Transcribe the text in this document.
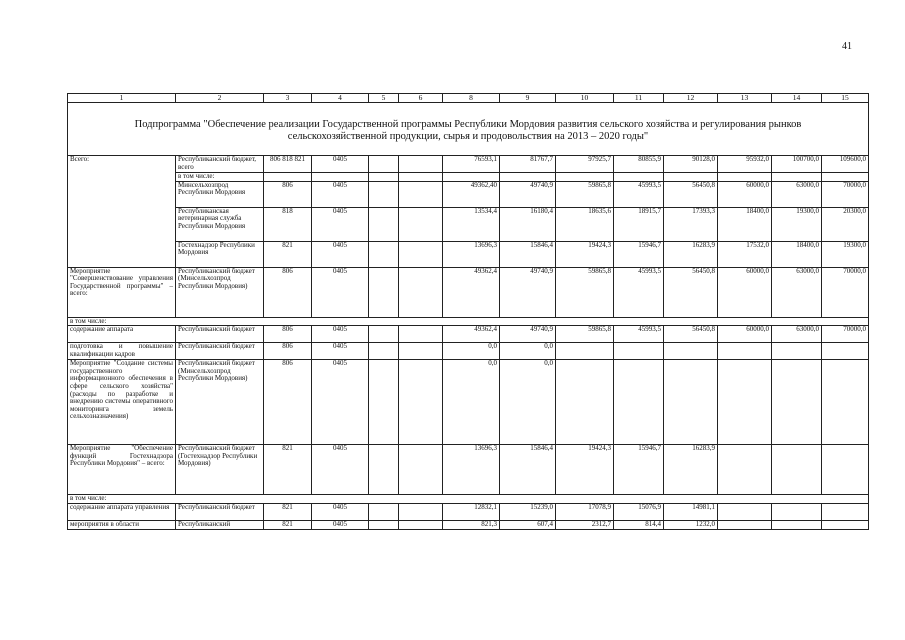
41
1	2	3	4	5	6	8	9	10	11	12	13	14	15
Подпрограмма "Обеспечение реализации Государственной программы Республики Мордовия развития сельского хозяйства и регулирования рынков сельскохозяйственной продукции, сырья и продовольствия на 2013 – 2020 годы"													
Всего:	Республиканский бюджет, всего	806 818 821	0405			76593,1	81767,7	97925,7	80855,9	90128,0	95932,0	100700,0	109600,0
	в том числе:												
	Минсельхозпрод Республики Мордовия	806	0405			49362,40	49740,9	59865,8	45993,5	56450,8	60000,0	63000,0	70000,0
	Республиканская ветеринарная служба Республики Мордовия	818	0405			13534,4	16180,4	18635,6	18915,7	17393,3	18400,0	19300,0	20300,0
	Гостехнадзор Республики Мордовия	821	0405			13696,3	15846,4	19424,3	15946,7	16283,9	17532,0	18400,0	19300,0
Мероприятие "Совершенствование управления Государственной программы" – всего:	Республиканский бюджет (Минсельхозпрод Республики Мордовия)	806	0405			49362,4	49740,9	59865,8	45993,5	56450,8	60000,0	63000,0	70000,0
в том числе:													
содержание аппарата	Республиканский бюджет	806	0405			49362,4	49740,9	59865,8	45993,5	56450,8	60000,0	63000,0	70000,0
подготовка и повышение квалификации кадров	Республиканский бюджет	806	0405			0,0	0,0						
Мероприятие "Создание системы государственного информационного обеспечения в сфере сельского хозяйства" (расходы по разработке и внедрению системы оперативного мониторинга земель сельхозназначения)	Республиканский бюджет (Минсельхозпрод Республики Мордовия)	806	0405			0,0	0,0						
Мероприятие "Обеспечение функций Гостехнадзора Республики Мордовия" – всего:	Республиканский бюджет (Гостехнадзор Республики Мордовия)	821	0405			13696,3	15846,4	19424,3	15946,7	16283,9			
в том числе:													
содержание аппарата управления	Республиканский бюджет	821	0405			12832,1	15239,0	17078,9	15076,9	14981,1			
мероприятия в области	Республиканский	821	0405			821,3	607,4	2312,7	814,4	1232,0			
